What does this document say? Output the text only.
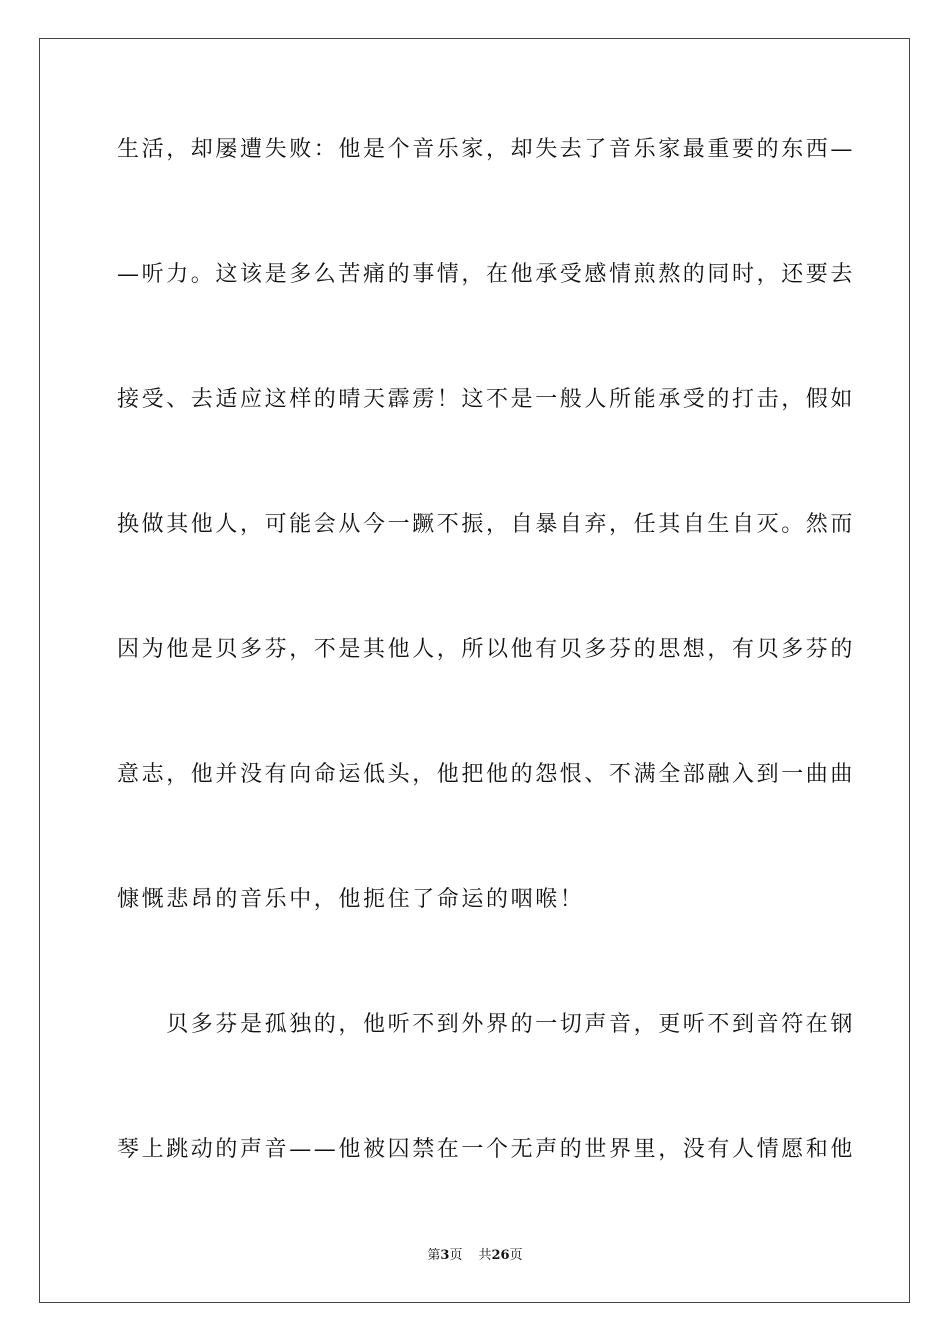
生活，却屡遭失败：他是个音乐家，却失去了音乐家最重要的东西—
—听力。这该是多么苦痛的事情，在他承受感情煎熬的同时，还要去
接受、去适应这样的晴天霹雳！这不是一般人所能承受的打击，假如
换做其他人，可能会从今一蹶不振，自暴自弃，任其自生自灭。然而
因为他是贝多芬，不是其他人，所以他有贝多芬的思想，有贝多芬的
意志，他并没有向命运低头，他把他的怨恨、不满全部融入到一曲曲
慷慨悲昂的音乐中，他扼住了命运的咽喉！
　　贝多芬是孤独的，他听不到外界的一切声音，更听不到音符在钢
琴上跳动的声音——他被囚禁在一个无声的世界里，没有人情愿和他
第3页 共26页
